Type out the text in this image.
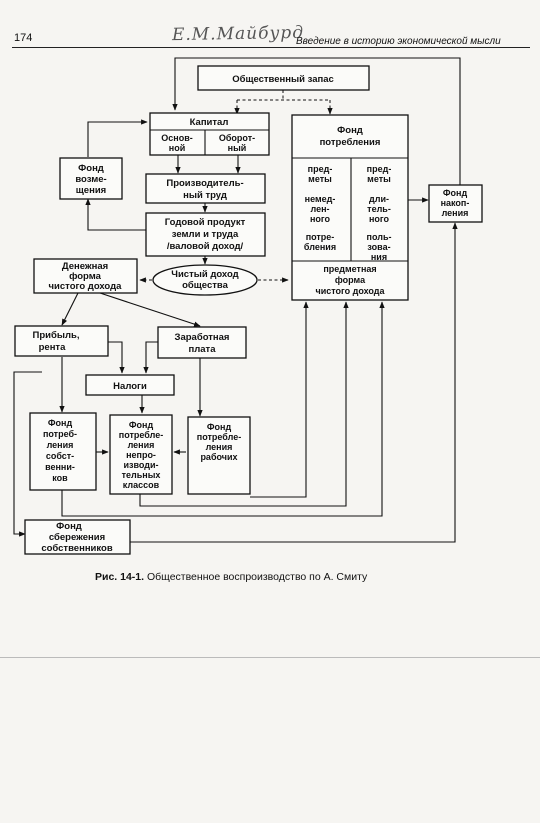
174	Е.М.Майбурд
Введение в историю экономической мысли
Общественный запас
Капитал
Основ-
ной
Оборот-
ный
Фонд
потребления
пред-
меты
немед-
лен-
ного
потре-
бления
пред-
меты
дли-
тель-
ного
поль-
зова-
ния
предметная
форма
чистого дохода
Фонд
возме-
щения
Производитель-
ный труд
Годовой продукт
земли и труда
/валовой доход/
Фонд
накоп-
ления
Денежная
форма
чистого дохода
Чистый доход
общества
Прибыль,
рента
Заработная
плата
Налоги
Фонд
потреб-
ления
собст-
венни-
ков
Фонд
потребле-
ления
непро-
изводи-
тельных
классов
Фонд
потребле-
ления
рабочих
Фонд
сбережения
собственников
Рис. 14-1. Общественное воспроизводство по А. Смиту
